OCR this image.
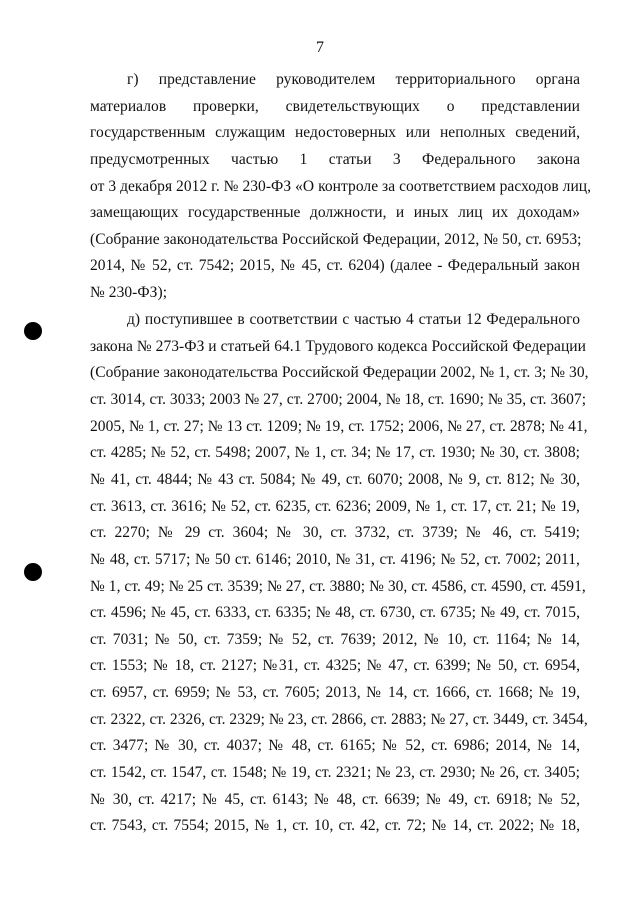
7
г) представление руководителем территориального органа
материалов проверки, свидетельствующих о представлении
государственным служащим недостоверных или неполных сведений,
предусмотренных частью 1 статьи 3 Федерального закона
от 3 декабря 2012 г. № 230-ФЗ «О контроле за соответствием расходов лиц,
замещающих государственные должности, и иных лиц их доходам»
(Собрание законодательства Российской Федерации, 2012, № 50, ст. 6953;
2014, № 52, ст. 7542; 2015, № 45, ст. 6204) (далее - Федеральный закон
№ 230-ФЗ);
д) поступившее в соответствии с частью 4 статьи 12 Федерального
закона № 273-ФЗ и статьей 64.1 Трудового кодекса Российской Федерации
(Собрание законодательства Российской Федерации 2002, № 1, ст. 3; № 30,
ст. 3014, ст. 3033; 2003 № 27, ст. 2700; 2004, № 18, ст. 1690; № 35, ст. 3607;
2005, № 1, ст. 27; № 13 ст. 1209; № 19, ст. 1752; 2006, № 27, ст. 2878; № 41,
ст. 4285; № 52, ст. 5498; 2007, № 1, ст. 34; № 17, ст. 1930; № 30, ст. 3808;
№ 41, ст. 4844; № 43 ст. 5084; № 49, ст. 6070; 2008, № 9, ст. 812; № 30,
ст. 3613, ст. 3616; № 52, ст. 6235, ст. 6236; 2009, № 1, ст. 17, ст. 21; № 19,
ст. 2270; № 29 ст. 3604; № 30, ст. 3732, ст. 3739; № 46, ст. 5419;
№ 48, ст. 5717; № 50 ст. 6146; 2010, № 31, ст. 4196; № 52, ст. 7002; 2011,
№ 1, ст. 49; № 25 ст. 3539; № 27, ст. 3880; № 30, ст. 4586, ст. 4590, ст. 4591,
ст. 4596; № 45, ст. 6333, ст. 6335; № 48, ст. 6730, ст. 6735; № 49, ст. 7015,
ст. 7031; № 50, ст. 7359; № 52, ст. 7639; 2012, № 10, ст. 1164; № 14,
ст. 1553; № 18, ст. 2127; №31, ст. 4325; № 47, ст. 6399; № 50, ст. 6954,
ст. 6957, ст. 6959; № 53, ст. 7605; 2013, № 14, ст. 1666, ст. 1668; № 19,
ст. 2322, ст. 2326, ст. 2329; № 23, ст. 2866, ст. 2883; № 27, ст. 3449, ст. 3454,
ст. 3477; № 30, ст. 4037; № 48, ст. 6165; № 52, ст. 6986; 2014, № 14,
ст. 1542, ст. 1547, ст. 1548; № 19, ст. 2321; № 23, ст. 2930; № 26, ст. 3405;
№ 30, ст. 4217; № 45, ст. 6143; № 48, ст. 6639; № 49, ст. 6918; № 52,
ст. 7543, ст. 7554; 2015, № 1, ст. 10, ст. 42, ст. 72; № 14, ст. 2022; № 18,
